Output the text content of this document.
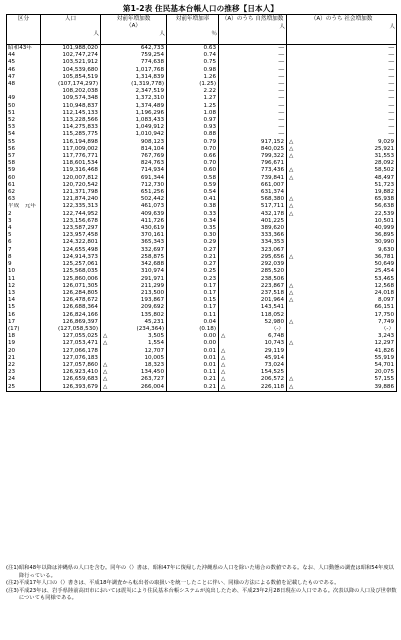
第1-2表 住民基本台帳人口の推移【日本人】
区分	人口
人	対前年増加数
（A）
人		対前年増加率
％	（A）のうち 自然増加数
人		（A）のうち 社会増加数
人	

昭和43年	101,988,020		642,733	0.63		―		―
44	102,747,274		759,254	0.74		―		―
45	103,521,912		774,638	0.75		―		―
46	104,539,680		1,017,768	0.98		―		―
47	105,854,519		1,314,839	1.26		―		―
48	(107,174,297)		(1,319,778)	(1.25)		―		―
	108,202,038		2,347,519	2.22		―		―
49	109,574,348		1,372,310	1.27		―		―
50	110,948,837		1,374,489	1.25		―		―
51	112,145,133		1,196,296	1.08		―		―
52	113,228,566		1,083,433	0.97		―		―
53	114,275,833		1,049,912	0.93		―		―
54	115,285,775		1,010,942	0.88		―		―
55	116,194,898		908,123	0.79		917,152	△	9,029
56	117,009,002		814,104	0.70		840,025	△	25,921
57	117,776,771		767,769	0.66		799,322	△	31,553
58	118,601,534		824,763	0.70		796,671		28,092
59	119,316,468		714,934	0.60		773,436	△	58,502
60	120,007,812		691,344	0.58		739,841	△	48,497
61	120,720,542		712,730	0.59		661,007		51,723
62	121,371,798		651,256	0.54		631,374		19,882
63	121,874,240		502,442	0.41		568,380	△	65,938
平成　元年	122,335,313		461,073	0.38		517,711	△	56,638
2	122,744,952		409,639	0.33		432,178	△	22,539
3	123,156,678		411,726	0.34		401,225		10,501
4	123,587,297		430,619	0.35		389,620		40,999
5	123,957,458		370,161	0.30		333,366		36,895
6	124,322,801		365,343	0.29		334,353		30,990
7	124,655,498		332,697	0.27		323,067		9,630
8	124,914,373		258,875	0.21		295,656	△	36,781
9	125,257,061		342,688	0.27		292,039		50,649
10	125,568,035		310,974	0.25		285,520		25,454
11	125,860,006		291,971	0.23		238,506		53,465
12	126,071,305		211,299	0.17		223,867	△	12,568
13	126,284,805		213,500	0.17		237,518	△	24,018
14	126,478,672		193,867	0.15		201,964	△	8,097
15	126,688,364		209,692	0.17		143,541		66,151
16	126,824,166		135,802	0.11		118,052		17,750
17	126,869,397		45,231	0.04		52,980	△	7,749
(17)	(127,058,530)		(234,364)	(0.18)		（-）		（-）
18	127,055,025	△	3,505	0.00	△	6,748		3,243
19	127,053,471	△	1,554	0.00		10,743	△	12,297
20	127,066,178		12,707	0.01	△	29,119		41,826
21	127,076,183		10,005	0.01	△	45,914		55,919
22	127,057,860	△	18,323	0.01	△	73,024		54,701
23	126,923,410	△	134,450	0.11	△	154,525		20,075
24	126,659,683	△	263,727	0.21	△	206,572	△	57,155
25	126,393,679	△	266,004	0.21	△	226,118	△	39,886
(注1) 昭和48年以降は沖縄県の人口を含む。同年の（）書は、昭和47年に復帰した沖縄県の人口を除いた場合の数値である。なお、人口動態の調査は昭和54年度以降行っている。
(注2) 平成17年人口の（）書きは、平成18年調査から転出者の取扱いを統一したことに伴い、同様の方法による数値を記載したものである。
(注3) 平成23年は、岩手県陸前高田市においては震災により住民基本台帳システムが流出したため、平成23年2月28日現在の人口である。次表以降の人口及び世帯数についても同様である。
